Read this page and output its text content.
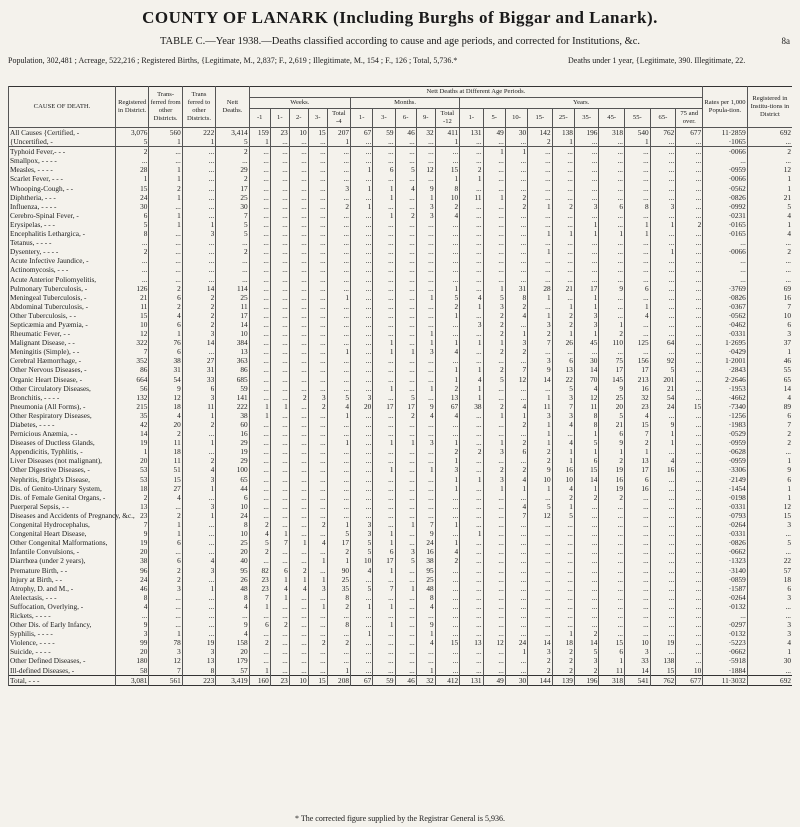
8a
COUNTY OF LANARK (Including Burghs of Biggar and Lanark).
TABLE C.—Year 1938.—Deaths classified according to cause and age periods, and corrected for Institutions, &c.
Population, 302,481 ; Acreage, 522,216 ; Registered Births, {Legitimate, M., 2,837; F., 2,619 ; Illegitimate, M., 154 ; F., 126 ; Total, 5,736.*	Deaths under 1 year, {Legitimate, 390. Illegitimate, 22.
CAUSE OF DEATH.	Registered in District.	Trans-ferred from other Districts.	Trans ferred to other Districts.	Nett Deaths.	Nett Deaths at Different Age Periods.																				Rates per 1,000 Popula-tion.	Registered in Institu-tions in District
					Weeks.					Months.					Years.											
					-1	1-	2-	3-	Total -4	1-	3-	6-	9-	Total -12	1-	5-	10-	15-	25-	35-	45-	55-	65-	75 and over.		
All Causes {Certified, -	3,076	560	222	3,414	159	23	10	15	207	67	59	46	32	411	131	49	30	142	138	196	318	540	762	677	11·2859	692
{Uncertified, -	5	1	1	5	1	...	...	...	1	...	...	...	...	1	...	...	...	2	1	...	...	1	...	...	·1065	...
Typhoid Fever,- - -	2	...	...	2	...	...	...	...	...	...	...	...	...	...	...	1	1	...	...	...	...	...	...	...	·0066	2
Smallpox, - - - -	...	...	...	...	...	...	...	...	...	...	...	...	...	...	...	...	...	...	...	...	...	...	...	...	...	...
Measles, - - - -	28	1	...	29	...	...	...	...	...	1	6	5	12	15	2	...	...	...	...	...	...	...	...	...	·0959	12
Scarlet Fever, - - -	1	1	...	2	...	...	...	...	...	...	...	...	...	1	1	...	...	...	...	...	...	...	...	...	·0066	1
Whooping-Cough, - -	15	2	...	17	...	...	...	...	3	1	1	4	9	8	...	...	...	...	...	...	...	...	...	...	·0562	1
Diphtheria, - - -	24	1	...	25	...	...	...	...	...	...	1	...	1	10	11	1	2	...	...	...	...	...	...	...	·0826	21
Influenza, - - - -	30	...	...	30	...	...	...	...	2	1	...	...	3	2	...	...	2	1	2	3	6	8	3	...	·0992	5
Cerebro-Spinal Fever, -	6	1	...	7	...	...	...	...	...	...	1	2	3	4	...	...	...	...	...	...	...	...	...	...	·0231	4
Erysipelas, - - -	5	1	1	5	...	...	...	...	...	...	...	...	...	...	...	...	...	...	...	1	...	1	1	2	·0165	1
Encephalitis Lethargica, -	8	...	3	5	...	...	...	...	...	...	...	...	...	...	...	...	...	1	1	1	1	1	...	...	·0165	4
Tetanus, - - - -	...	...	...	...	...	...	...	...	...	...	...	...	...	...	...	...	...	...	...	...	...	...	...	...	...	...
Dysentery, - - - -	2	...	...	2	...	...	...	...	...	...	...	...	...	...	...	...	...	1	...	...	...	...	1	...	·0066	2
Acute Infective Jaundice, -	...	...	...	...	...	...	...	...	...	...	...	...	...	...	...	...	...	...	...	...	...	...	...	...	...	...
Actinomycosis, - - -	...	...	...	...	...	...	...	...	...	...	...	...	...	...	...	...	...	...	...	...	...	...	...	...	...	...
Acute Anterior Poliomyelitis,	...	...	...	...	...	...	...	...	...	...	...	...	...	...	...	...	...	...	...	...	...	...	...	...	...	...
Pulmonary Tuberculosis, -	126	2	14	114	...	...	...	...	...	...	...	...	...	1	...	1	31	28	21	17	9	6	...	...	·3769	69
Meningeal Tuberculosis, -	21	6	2	25	...	...	...	...	1	...	...	...	1	5	4	5	8	1	...	1	...	...	...	...	·0826	16
Abdominal Tuberculosis, -	11	2	2	11	...	...	...	...	...	...	...	...	...	2	1	3	2	...	1	1	...	1	...	...	·0367	7
Other Tuberculosis, - -	15	4	2	17	...	...	...	...	...	...	...	...	...	1	...	2	4	1	2	3	...	4	...	...	·0562	10
Septicæmia and Pyæmia, -	10	6	2	14	...	...	...	...	...	...	...	...	...	...	3	2	...	3	2	3	1	...	...	...	·0462	6
Rheumatic Fever, - -	12	1	3	10	...	...	...	...	...	...	...	...	1	...	...	2	1	2	1	1	2	...	...	...	·0331	3
Malignant Disease, - -	322	76	14	384	...	...	...	...	...	...	1	...	1	1	1	1	3	7	26	45	110	125	64	...	1·2695	37
Meningitis (Simple), - -	7	6	...	13	...	...	...	...	1	...	1	1	3	4	...	2	2	...	...	...	...	...	...	...	·0429	1
Cerebral Hæmorrhage, -	352	38	27	363	...	...	...	...	...	...	...	...	...	...	...	...	...	3	6	30	75	156	92	...	1·2001	46
Other Nervous Diseases, -	86	31	31	86	...	...	...	...	...	...	...	...	...	1	1	2	7	9	13	14	17	17	5	...	·2843	55
Organic Heart Disease, -	664	54	33	685	...	...	...	...	...	...	...	...	...	1	4	5	12	14	22	70	145	213	201	...	2·2646	65
Other Circulatory Diseases,	56	9	6	59	...	...	...	...	...	...	1	...	1	2	1	...	...	...	5	4	9	16	21	...	·1953	14
Bronchitis, - - - -	132	12	3	141	...	...	2	3	5	3	...	5	...	13	1	...	...	1	3	12	25	32	54	...	·4662	4
Pneumonia (All Forms), -	215	18	11	222	1	1	...	2	4	20	17	17	9	67	38	2	4	11	7	11	20	23	24	15	·7340	89
Other Respiratory Diseases,	35	4	1	38	1	...	...	...	1	...	...	2	4	4	...	1	1	3	3	8	5	4	...	...	·1256	6
Diabetes, - - - -	42	20	2	60	...	...	...	...	...	...	...	...	...	...	...	...	2	1	4	8	21	15	9	...	·1983	7
Pernicious Anæmia, - -	14	2	...	16	...	...	...	...	...	...	...	...	...	...	...	...	...	1	...	1	6	7	1	...	·0529	2
Diseases of Ductless Glands,	19	11	1	29	...	...	...	...	1	...	1	1	3	1	...	1	2	1	4	5	9	2	1	...	·0959	2
Appendicitis, Typhlitis, -	1	18	...	19	...	...	...	...	...	...	...	...	...	2	2	3	6	2	1	1	1	1	...	...	·0628	...
Liver Diseases (not malignant),	20	11	2	29	...	...	...	...	...	...	...	...	...	1	...	...	...	2	1	6	2	13	4	...	·0959	1
Other Digestive Diseases, -	53	51	4	100	...	...	...	...	...	...	1	...	1	3	...	2	2	9	16	15	19	17	16	...	·3306	9
Nephritis, Bright's Disease,	53	15	3	65	...	...	...	...	...	...	...	...	...	1	1	3	4	10	10	14	16	6	...	...	·2149	6
Dis. of Genito-Urinary System,	18	27	1	44	...	...	...	...	...	...	...	...	...	1	...	1	1	1	4	1	19	16	...	...	·1454	1
Dis. of Female Genital Organs, -	2	4	...	6	...	...	...	...	...	...	...	...	...	...	...	...	...	...	2	2	2	...	...	...	·0198	1
Puerperal Sepsis, - -	13	...	3	10	...	...	...	...	...	...	...	...	...	...	...	...	4	5	1	...	...	...	...	...	·0331	12
Diseases and Accidents of Pregnancy, &c.,	23	2	1	24	...	...	...	...	...	...	...	...	...	...	...	...	7	12	5	...	...	...	...	...	·0793	15
Congenital Hydrocephalus,	7	1	...	8	2	...	...	2	1	3	...	1	7	1	...	...	...	...	...	...	...	...	...	...	·0264	3
Congenital Heart Disease,	9	1	...	10	4	1	...	...	5	3	1	...	9	...	1	...	...	...	...	...	...	...	...	...	·0331	...
Other Congenital Malformations,	19	6	...	25	5	7	1	4	17	5	1	...	24	1	...	...	...	...	...	...	...	...	...	...	·0826	5
Infantile Convulsions, -	20	...	...	20	2	...	...	...	2	5	6	3	16	4	...	...	...	...	...	...	...	...	...	...	·0662	...
Diarrhœa (under 2 years),	38	6	4	40	...	...	...	1	1	10	17	5	38	2	...	...	...	...	...	...	...	...	...	...	·1323	22
Premature Birth, - -	96	2	3	95	82	6	2	...	90	4	1	...	95	...	...	...	...	...	...	...	...	...	...	...	·3140	57
Injury at Birth, - -	24	2	...	26	23	1	1	1	25	...	...	...	25	...	...	...	...	...	...	...	...	...	...	...	·0859	18
Atrophy, D. and M., -	46	3	1	48	23	4	4	3	35	5	7	1	48	...	...	...	...	...	...	...	...	...	...	...	·1587	6
Atelectasis, - - -	8	...	...	8	7	1	...	...	8	...	...	...	8	...	...	...	...	...	...	...	...	...	...	...	·0264	3
Suffocation, Overlying, -	4	...	...	4	1	...	...	1	2	1	1	...	4	...	...	...	...	...	...	...	...	...	...	...	·0132	...
Rickets, - - - -	...	...	...	...	...	...	...	...	...	...	...	...	...	...	...	...	...	...	...	...	...	...	...	...	...	...
Other Dis. of Early Infancy,	9	...	...	9	6	2	...	...	8	...	1	...	9	...	...	...	...	...	...	...	...	...	...	...	·0297	3
Syphilis, - - - -	3	1	...	4	...	...	...	...	...	1	...	...	1	...	...	...	...	...	1	2	...	...	...	...	·0132	3
Violence, - - - -	99	78	19	158	2	...	...	2	2	...	...	...	4	15	13	12	24	14	18	14	15	10	19	...	·5223	4
Suicide, - - - -	20	3	3	20	...	...	...	...	...	...	...	...	...	...	...	...	1	3	2	5	6	3	...	...	·0662	1
Other Defined Diseases, -	180	12	13	179	...	...	...	...	...	...	...	...	...	...	...	...	...	2	2	3	1	33	138	...	·5918	30
Ill-defined Diseases, -	58	7	8	57	1	...	...	...	1	...	...	...	1	...	...	...	...	2	2	2	11	14	15	10	·1884	...
Total, - - -	3,081	561	223	3,419	160	23	10	15	208	67	59	46	32	412	131	49	30	144	139	196	318	541	762	677	11·3032	692
* The corrected figure supplied by the Registrar General is 5,936.
